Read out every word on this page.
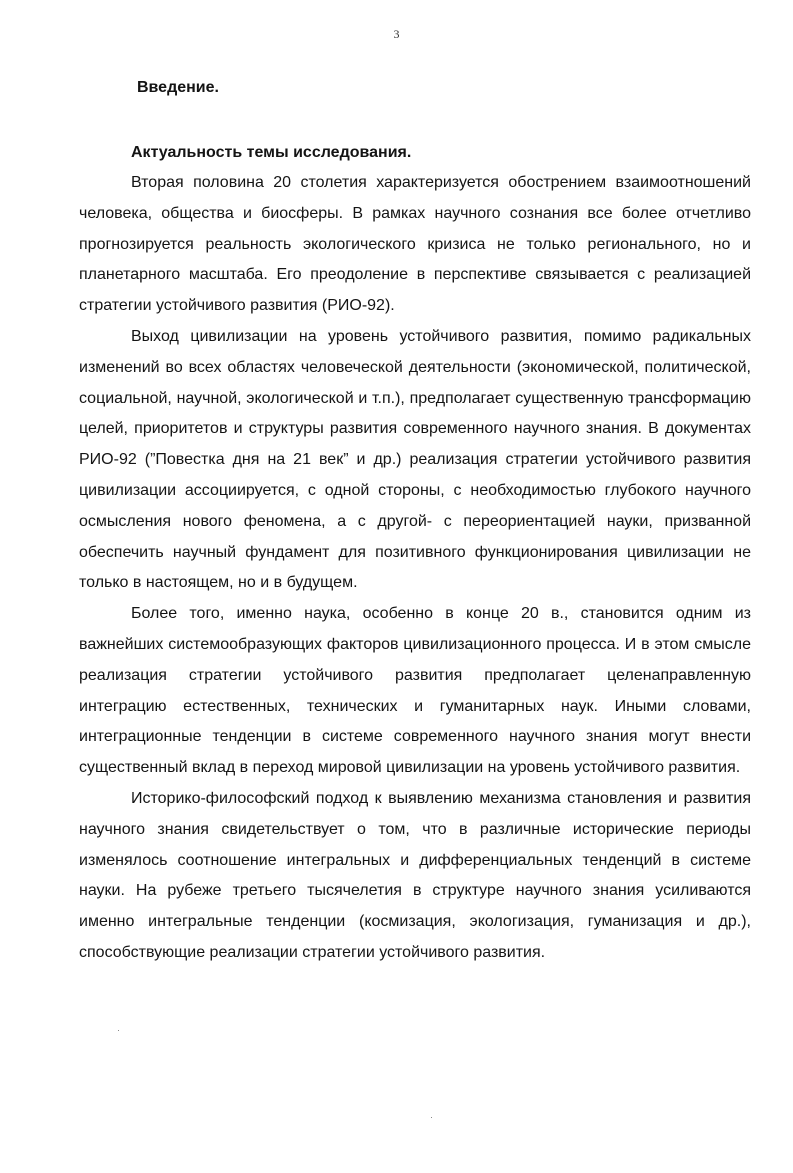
3
Введение.
Актуальность темы исследования.

Вторая половина 20 столетия характеризуется обострением взаимоотношений человека, общества и биосферы. В рамках научного сознания все более отчетливо прогнозируется реальность экологического кризиса не только регионального, но и планетарного масштаба. Его преодоление в перспективе связывается с реализацией стратегии устойчивого развития (РИО-92).

Выход цивилизации на уровень устойчивого развития, помимо радикальных изменений во всех областях человеческой деятельности (экономической, политической, социальной, научной, экологической и т.п.), предполагает существенную трансформацию целей, приоритетов и структуры развития современного научного знания. В документах РИО-92 (”Повестка дня на 21 век” и др.) реализация стратегии устойчивого развития цивилизации ассоциируется, с одной стороны, с необходимостью глубокого научного осмысления нового феномена, а с другой- с переориентацией науки, призванной обеспечить научный фундамент для позитивного функционирования цивилизации не только в настоящем, но и в будущем.

Более того, именно наука, особенно в конце 20 в., становится одним из важнейших системообразующих факторов цивилизационного процесса. И в этом смысле реализация стратегии устойчивого развития предполагает целенаправленную интеграцию естественных, технических и гуманитарных наук. Иными словами, интеграционные тенденции в системе современного научного знания могут внести существенный вклад в переход мировой цивилизации на уровень устойчивого развития.

Историко-философский подход к выявлению механизма становления и развития научного знания свидетельствует о том, что в различные исторические периоды изменялось соотношение интегральных и дифференциальных тенденций в системе науки. На рубеже третьего тысячелетия в структуре научного знания усиливаются именно интегральные тенденции (космизация, экологизация, гуманизация и др.), способствующие реализации стратегии устойчивого развития.
